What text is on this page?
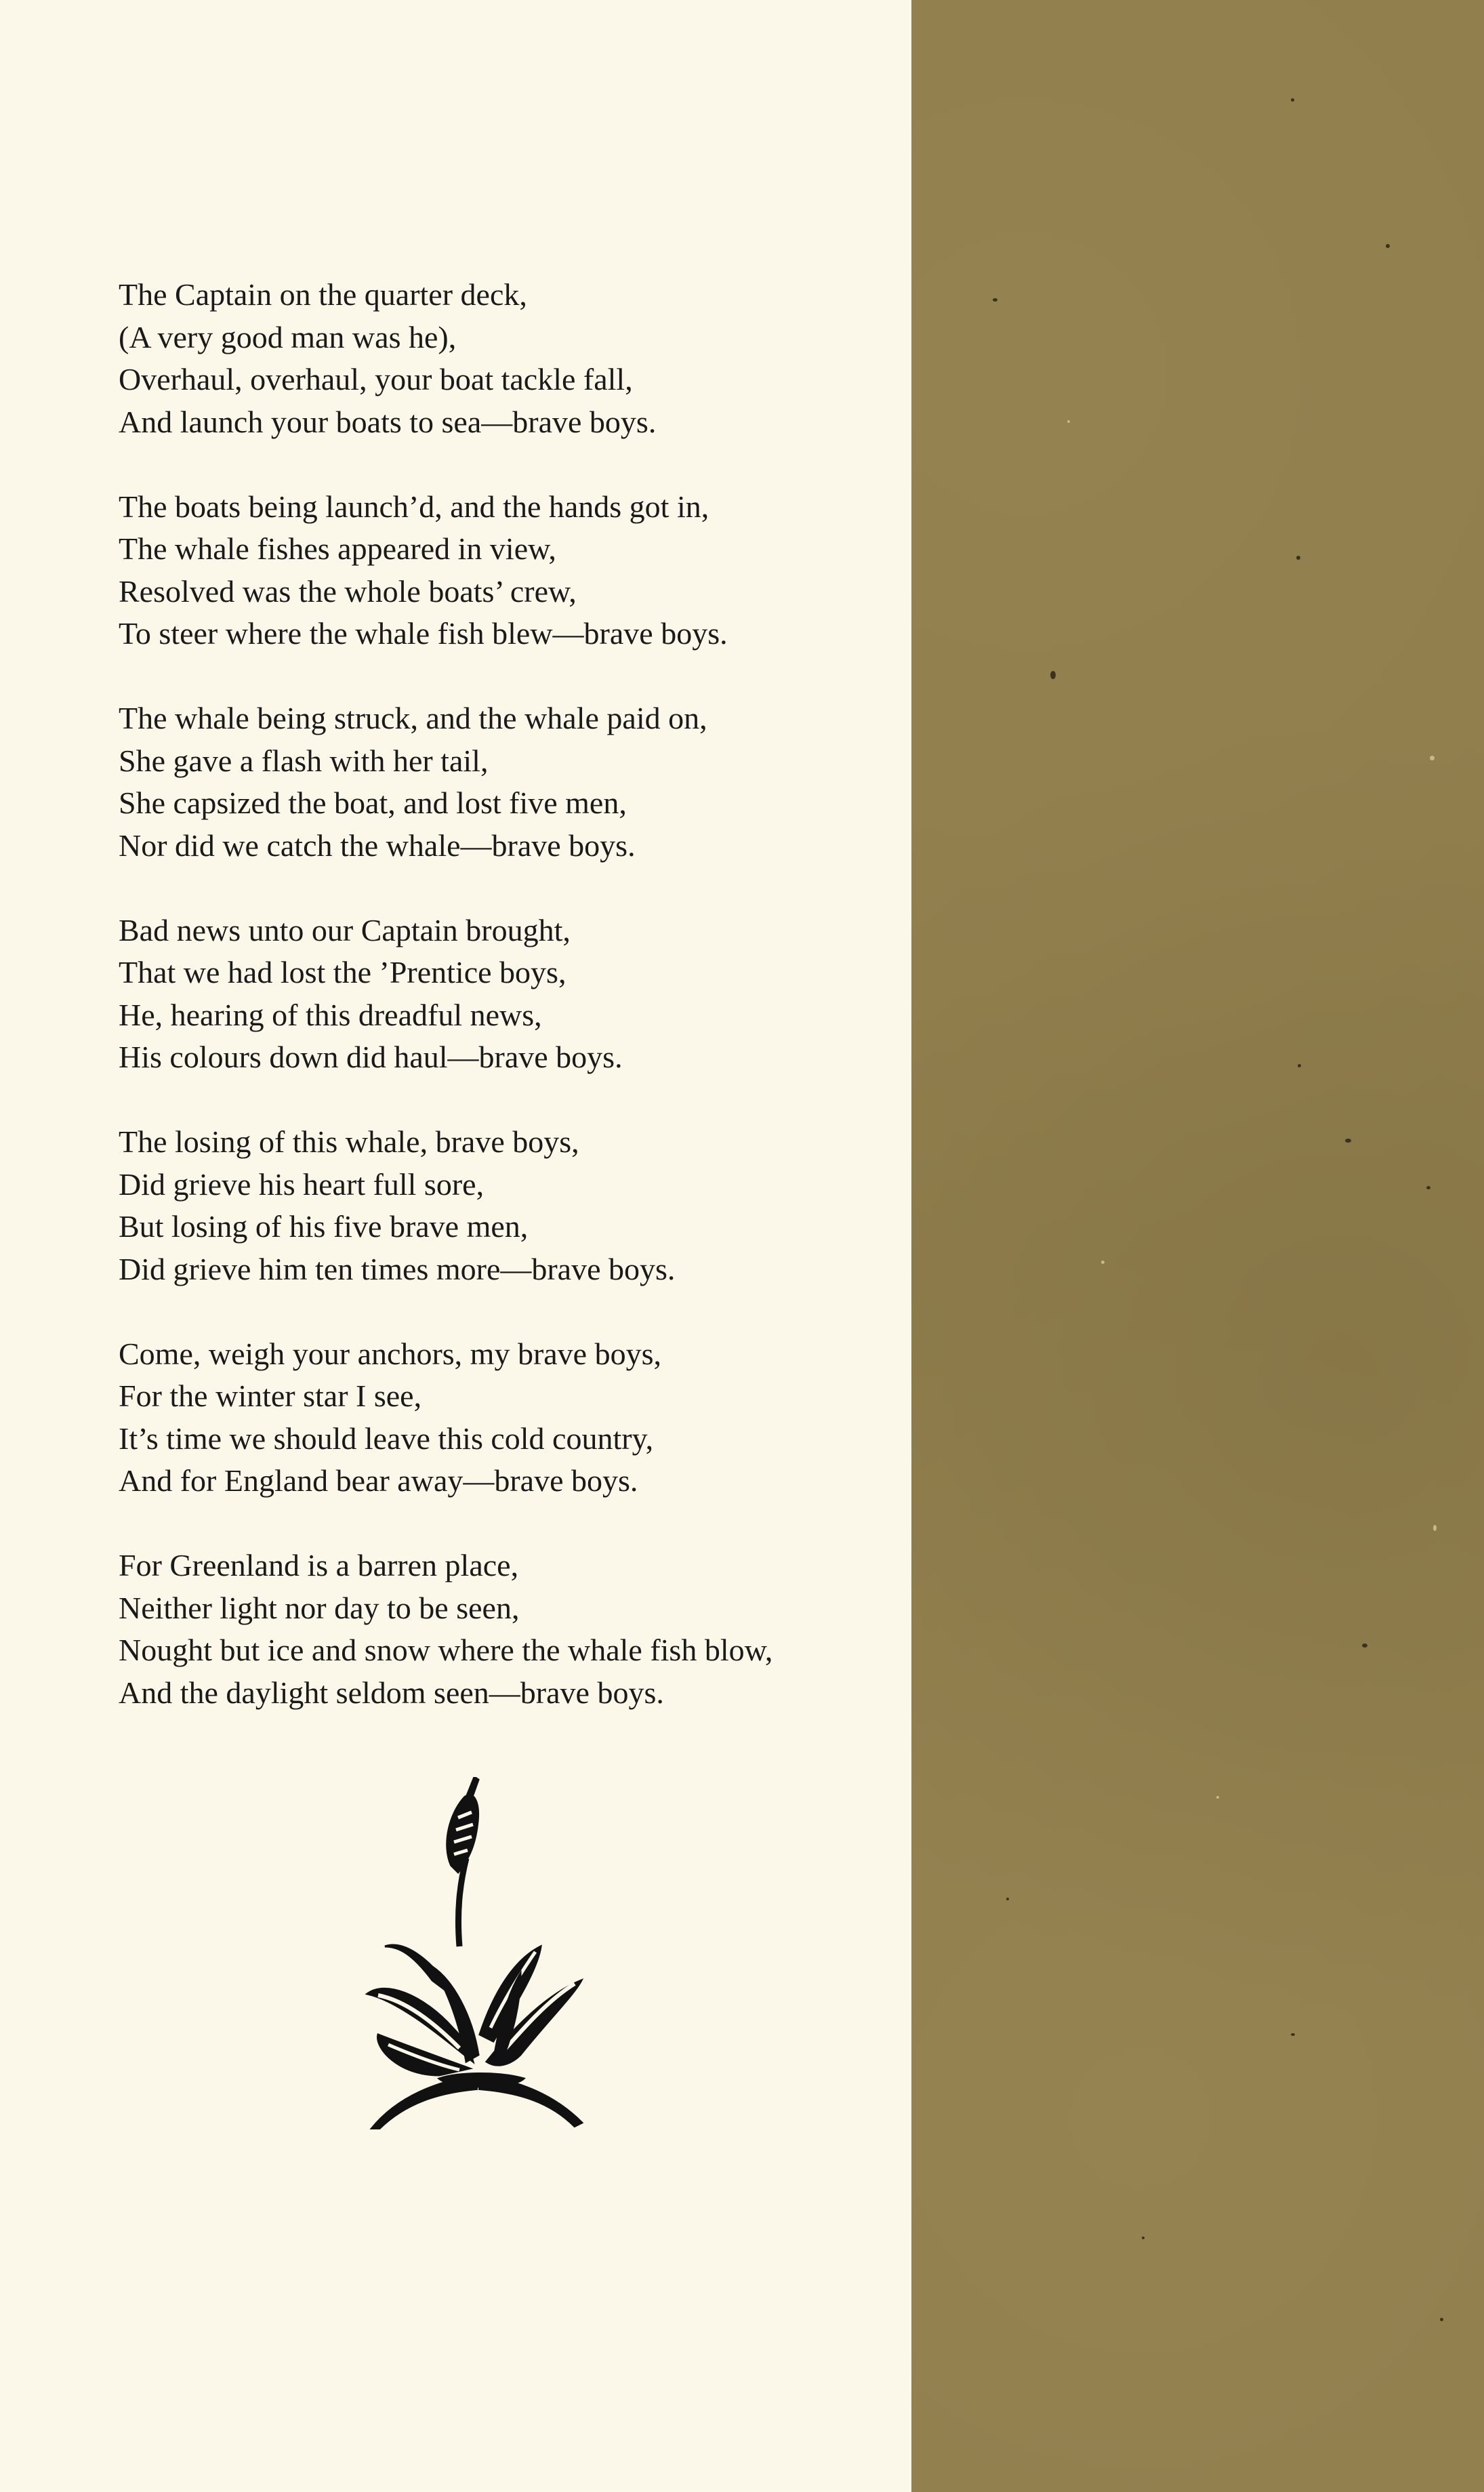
The Captain on the quarter deck,
(A very good man was he),
Overhaul, overhaul, your boat tackle fall,
And launch your boats to sea—brave boys.
The boats being launch’d, and the hands got in,
The whale fishes appeared in view,
Resolved was the whole boats’ crew,
To steer where the whale fish blew—brave boys.
The whale being struck, and the whale paid on,
She gave a flash with her tail,
She capsized the boat, and lost five men,
Nor did we catch the whale—brave boys.
Bad news unto our Captain brought,
That we had lost the ’Prentice boys,
He, hearing of this dreadful news,
His colours down did haul—brave boys.
The losing of this whale, brave boys,
Did grieve his heart full sore,
But losing of his five brave men,
Did grieve him ten times more—brave boys.
Come, weigh your anchors, my brave boys,
For the winter star I see,
It’s time we should leave this cold country,
And for England bear away—brave boys.
For Greenland is a barren place,
Neither light nor day to be seen,
Nought but ice and snow where the whale fish blow,
And the daylight seldom seen—brave boys.
